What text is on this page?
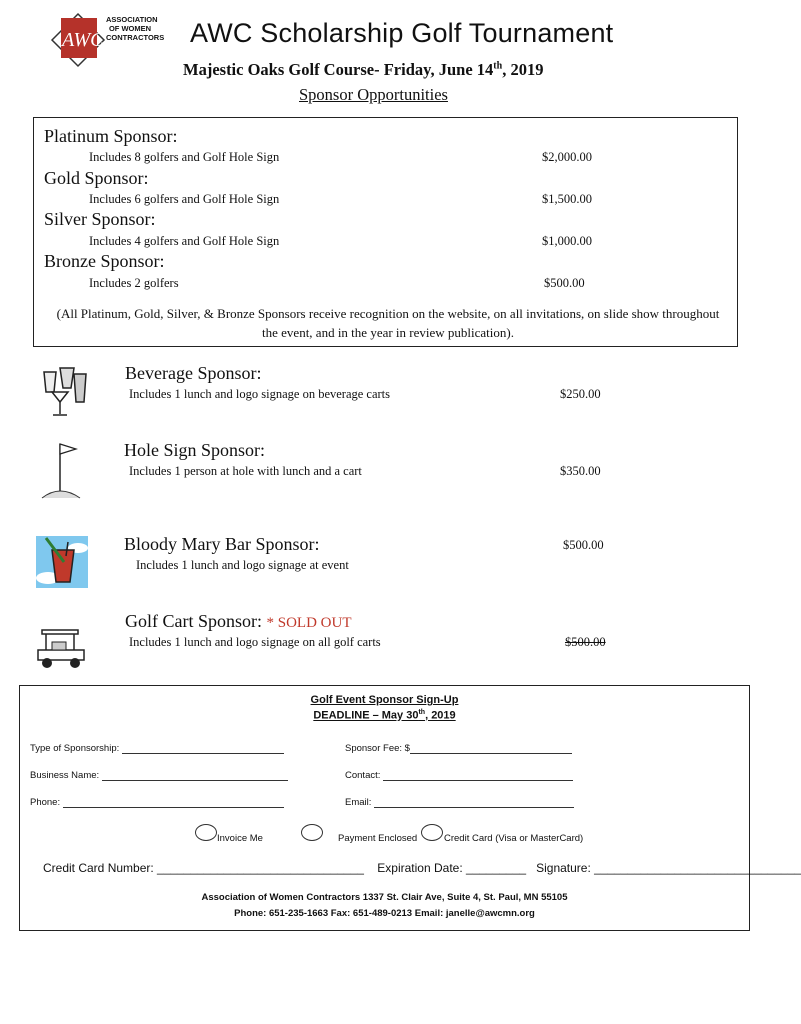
AWC
ASSOCIATION
OF WOMEN
CONTRACTORS AWC Scholarship Golf Tournament
Majestic Oaks Golf Course- Friday, June 14th, 2019
Sponsor Opportunities
Platinum Sponsor:
Includes 8 golfers and Golf Hole Sign	$2,000.00
Gold Sponsor:
Includes 6 golfers and Golf Hole Sign	$1,500.00
Silver Sponsor:
Includes 4 golfers and Golf Hole Sign	$1,000.00
Bronze Sponsor:
Includes 2 golfers	$500.00
(All Platinum, Gold, Silver, & Bronze Sponsors receive recognition on the website, on all invitations, on slide show throughout the event, and in the year in review publication).
Beverage Sponsor:
Includes 1 lunch and logo signage on beverage carts	$250.00
Hole Sign Sponsor:
Includes 1 person at hole with lunch and a cart	$350.00
Bloody Mary Bar Sponsor:	$500.00
Includes 1 lunch and logo signage at event
Golf Cart Sponsor: * SOLD OUT
Includes 1 lunch and logo signage on all golf carts	$500.00
Golf Event Sponsor Sign-Up
DEADLINE – May 30th, 2019
Type of Sponsorship:	Sponsor Fee: $
Business Name:	Contact:
Phone:	Email:
Invoice Me	Payment Enclosed	Credit Card (Visa or MasterCard)
Credit Card Number: _______________________________ Expiration Date: _________ Signature: _______________________________
Association of Women Contractors 1337 St. Clair Ave, Suite 4, St. Paul, MN 55105
Phone: 651-235-1663 Fax: 651-489-0213 Email: janelle@awcmn.org
